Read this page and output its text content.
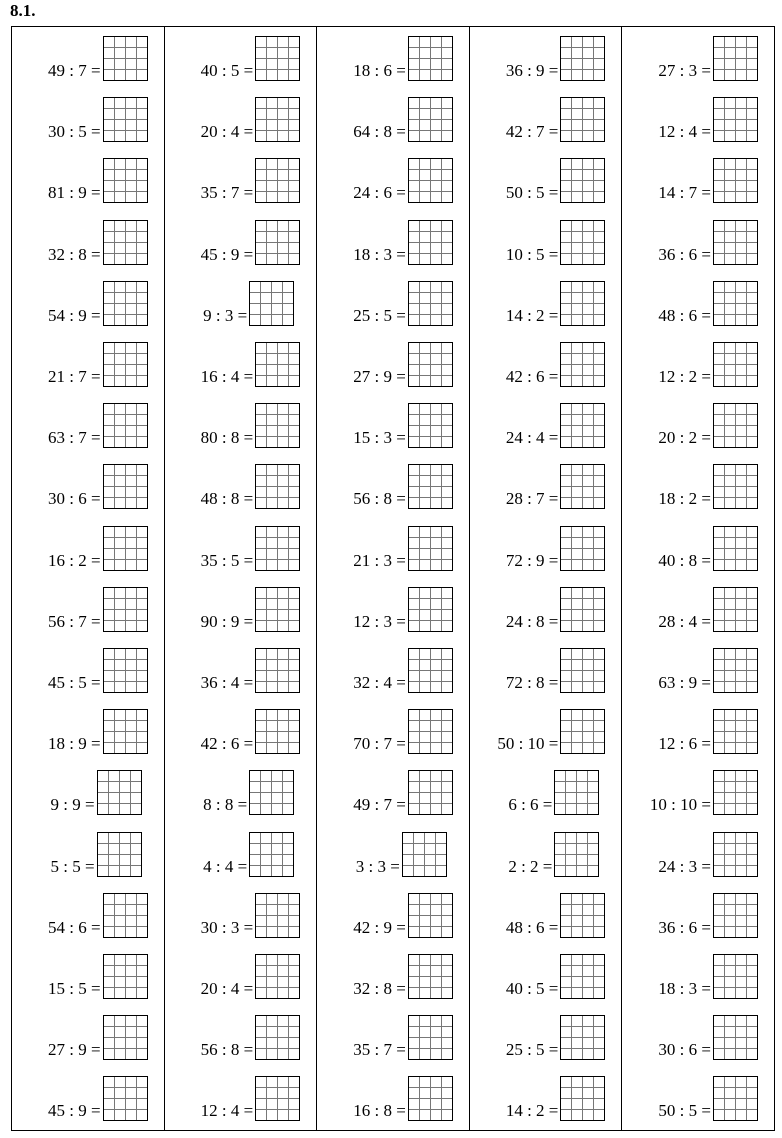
8.1.
49 : 7 =
30 : 5 =
81 : 9 =
32 : 8 =
54 : 9 =
21 : 7 =
63 : 7 =
30 : 6 =
16 : 2 =
56 : 7 =
45 : 5 =
18 : 9 =
9 : 9 =
5 : 5 =
54 : 6 =
15 : 5 =
27 : 9 =
45 : 9 =
40 : 5 =
20 : 4 =
35 : 7 =
45 : 9 =
9 : 3 =
16 : 4 =
80 : 8 =
48 : 8 =
35 : 5 =
90 : 9 =
36 : 4 =
42 : 6 =
8 : 8 =
4 : 4 =
30 : 3 =
20 : 4 =
56 : 8 =
12 : 4 =
18 : 6 =
64 : 8 =
24 : 6 =
18 : 3 =
25 : 5 =
27 : 9 =
15 : 3 =
56 : 8 =
21 : 3 =
12 : 3 =
32 : 4 =
70 : 7 =
49 : 7 =
3 : 3 =
42 : 9 =
32 : 8 =
35 : 7 =
16 : 8 =
36 : 9 =
42 : 7 =
50 : 5 =
10 : 5 =
14 : 2 =
42 : 6 =
24 : 4 =
28 : 7 =
72 : 9 =
24 : 8 =
72 : 8 =
50 : 10 =
6 : 6 =
2 : 2 =
48 : 6 =
40 : 5 =
25 : 5 =
14 : 2 =
27 : 3 =
12 : 4 =
14 : 7 =
36 : 6 =
48 : 6 =
12 : 2 =
20 : 2 =
18 : 2 =
40 : 8 =
28 : 4 =
63 : 9 =
12 : 6 =
10 : 10 =
24 : 3 =
36 : 6 =
18 : 3 =
30 : 6 =
50 : 5 =
